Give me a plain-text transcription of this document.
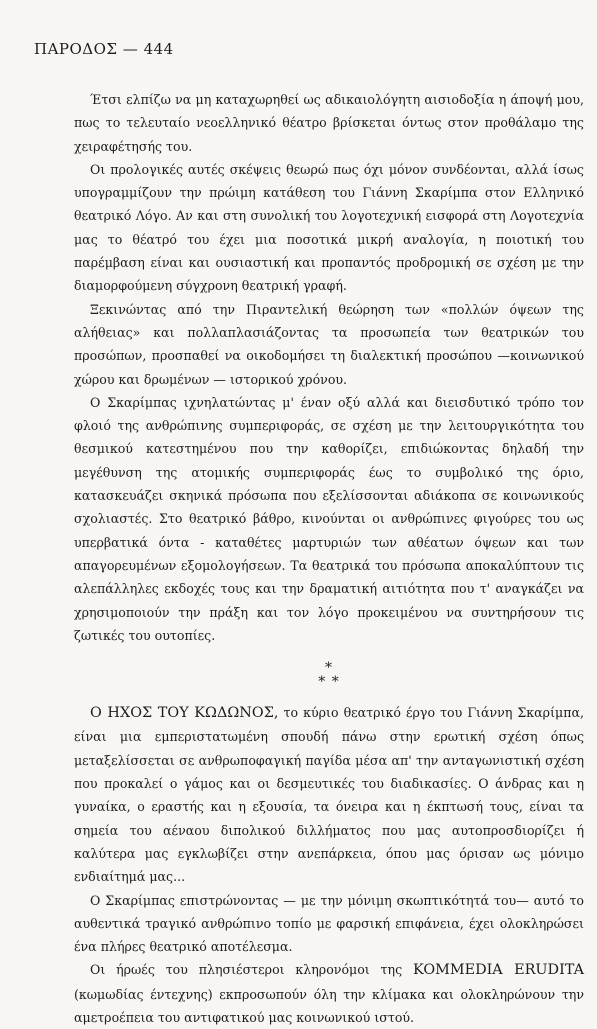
ΠΑΡΟΔΟΣ — 444

Έτσι ελπίζω να μη καταχωρηθεί ως αδικαιολόγητη αισιοδοξία η άποψή μου, πως το τελευταίο νεοελληνικό θέατρο βρίσκεται όντως στον προθάλαμο της χειραφέτησής του.

Οι προλογικές αυτές σκέψεις θεωρώ πως όχι μόνον συνδέονται, αλλά ίσως υπογραμμίζουν την πρώιμη κατάθεση του Γιάννη Σκαρίμπα στον Ελληνικό θεατρικό Λόγο. Αν και στη συνολική του λογοτεχνική εισφορά στη Λογοτεχνία μας το θέατρό του έχει μια ποσοτικά μικρή αναλογία, η ποιοτική του παρέμβαση είναι και ουσιαστική και προπαντός προδρομική σε σχέση με την διαμορφούμενη σύγχρονη θεατρική γραφή.

Ξεκινώντας από την Πιραντελική θεώρηση των «πολλών όψεων της αλήθειας» και πολλαπλασιάζοντας τα προσωπεία των θεατρικών του προσώπων, προσπαθεί να οικοδομήσει τη διαλεκτική προσώπου —κοινωνικού χώρου και δρωμένων — ιστορικού χρόνου.

Ο Σκαρίμπας ιχνηλατώντας μ' έναν οξύ αλλά και διεισδυτικό τρόπο τον φλοιό της ανθρώπινης συμπεριφοράς, σε σχέση με την λειτουργικότητα του θεσμικού κατεστημένου που την καθορίζει, επιδιώκοντας δηλαδή την μεγέθυνση της ατομικής συμπεριφοράς έως το συμβολικό της όριο, κατασκευάζει σκηνικά πρόσωπα που εξελίσσονται αδιάκοπα σε κοινωνικούς σχολιαστές. Στο θεατρικό βάθρο, κινούνται οι ανθρώπινες φιγούρες του ως υπερβατικά όντα - καταθέτες μαρτυριών των αθέατων όψεων και των απαγορευμένων εξομολογήσεων. Τα θεατρικά του πρόσωπα αποκαλύπτουν τις αλεπάλληλες εκδοχές τους και την δραματική αιτιότητα που τ' αναγκάζει να χρησιμοποιούν την πράξη και τον λόγο προκειμένου να συντηρήσουν τις ζωτικές του ουτοπίες.

*
* *

Ο ΗΧΟΣ ΤΟΥ ΚΩΔΩΝΟΣ, το κύριο θεατρικό έργο του Γιάννη Σκαρίμπα, είναι μια εμπεριστατωμένη σπουδή πάνω στην ερωτική σχέση όπως μεταξελίσσεται σε ανθρωποφαγική παγίδα μέσα απ' την ανταγωνιστική σχέση που προκαλεί ο γάμος και οι δεσμευτικές του διαδικασίες. Ο άνδρας και η γυναίκα, ο εραστής και η εξουσία, τα όνειρα και η έκπτωσή τους, είναι τα σημεία του αέναου διπολικού διλλήματος που μας αυτοπροσδιορίζει ή καλύτερα μας εγκλωβίζει στην ανεπάρκεια, όπου μας όρισαν ως μόνιμο ενδιαίτημά μας...

Ο Σκαρίμπας επιστρώνοντας — με την μόνιμη σκωπτικότητά του— αυτό το αυθεντικά τραγικό ανθρώπινο τοπίο με φαρσική επιφάνεια, έχει ολοκληρώσει ένα πλήρες θεατρικό αποτέλεσμα.

Οι ήρωές του πλησιέστεροι κληρονόμοι της KOMMEDIA ERUDITA (κωμωδίας έντεχνης) εκπροσωπούν όλη την κλίμακα και ολοκληρώνουν την αμετροέπεια του αντιφατικού μας κοινωνικού ιστού.
